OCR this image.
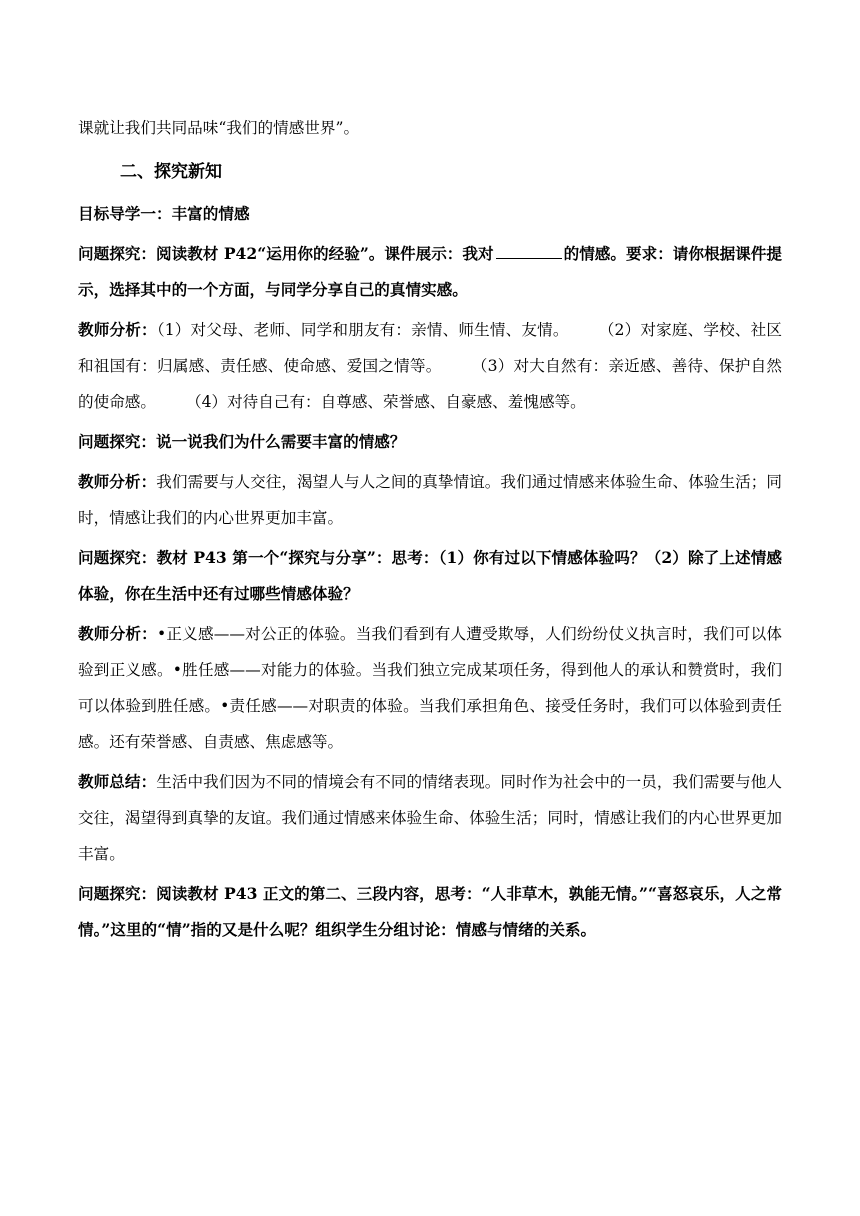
课就让我们共同品味“我们的情感世界”。

二、探究新知

目标导学一：丰富的情感

问题探究：阅读教材 P42“运用你的经验”。课件展示：我对	的情感。要求：请你根据课件提示，选择其中的一个方面，与同学分享自己的真情实感。

教师分析：（1）对父母、老师、同学和朋友有：亲情、师生情、友情。 （2）对家庭、学校、社区和祖国有：归属感、责任感、使命感、爱国之情等。 （3）对大自然有：亲近感、善待、保护自然的使命感。 （4）对待自己有：自尊感、荣誉感、自豪感、羞愧感等。

问题探究：说一说我们为什么需要丰富的情感？

教师分析：我们需要与人交往，渴望人与人之间的真挚情谊。我们通过情感来体验生命、体验生活；同时，情感让我们的内心世界更加丰富。

问题探究：教材 P43 第一个“探究与分享”：思考：（1）你有过以下情感体验吗？（2）除了上述情感体验，你在生活中还有过哪些情感体验？

教师分析：•正义感——对公正的体验。当我们看到有人遭受欺辱，人们纷纷仗义执言时，我们可以体验到正义感。•胜任感——对能力的体验。当我们独立完成某项任务，得到他人的承认和赞赏时，我们可以体验到胜任感。•责任感——对职责的体验。当我们承担角色、接受任务时，我们可以体验到责任感。还有荣誉感、自责感、焦虑感等。

教师总结：生活中我们因为不同的情境会有不同的情绪表现。同时作为社会中的一员，我们需要与他人交往，渴望得到真挚的友谊。我们通过情感来体验生命、体验生活；同时，情感让我们的内心世界更加丰富。

问题探究：阅读教材 P43 正文的第二、三段内容，思考：“人非草木，孰能无情。”“喜怒哀乐，人之常情。”这里的“情”指的又是什么呢？组织学生分组讨论：情感与情绪的关系。
